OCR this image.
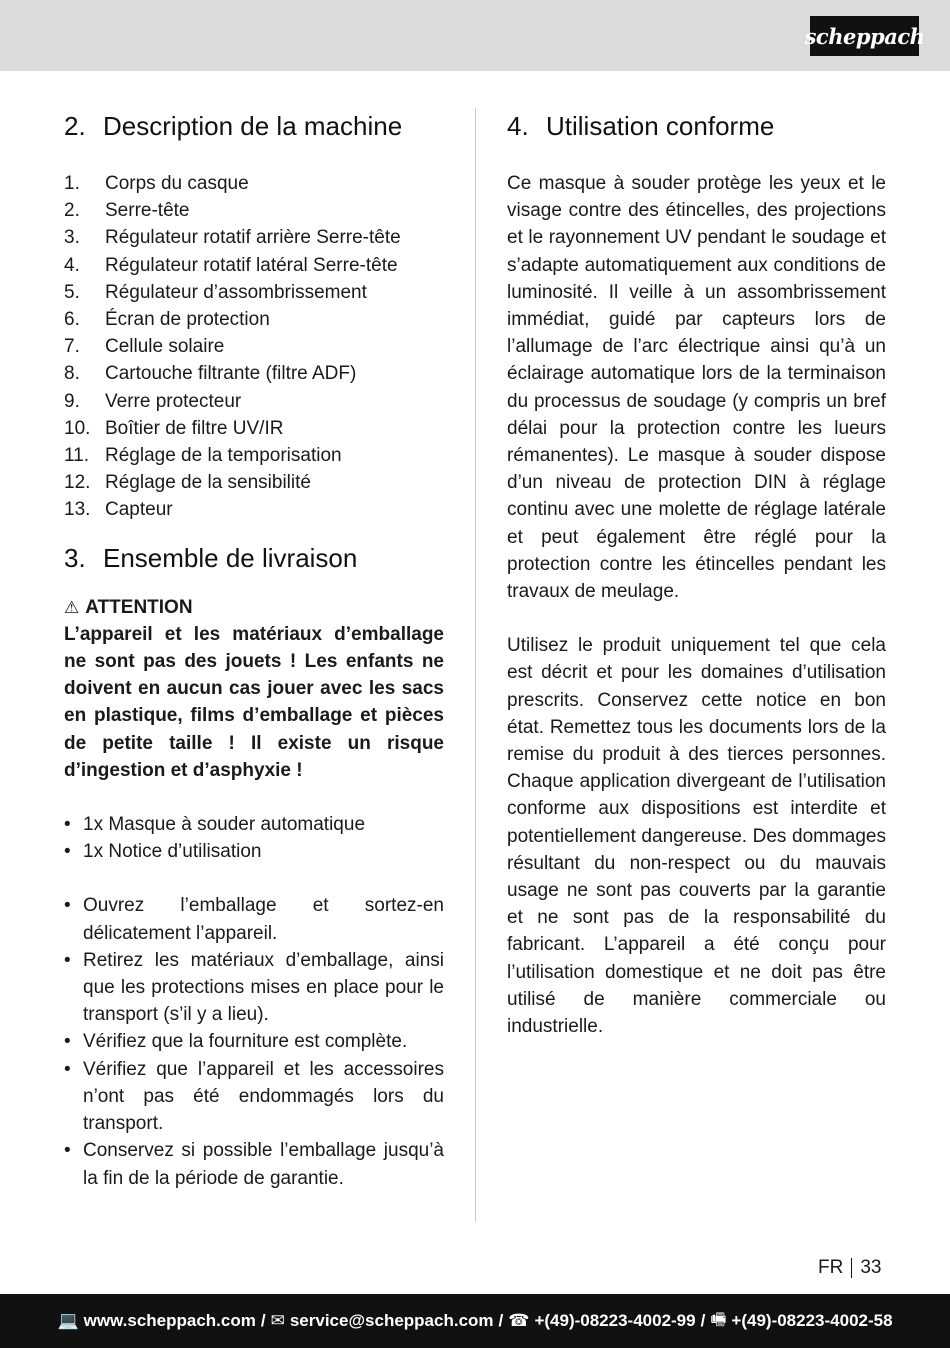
scheppach
2. Description de la machine
1.	Corps du casque
2.	Serre-tête
3.	Régulateur rotatif arrière Serre-tête
4.	Régulateur rotatif latéral Serre-tête
5.	Régulateur d’assombrissement
6.	Écran de protection
7.	Cellule solaire
8.	Cartouche filtrante (filtre ADF)
9.	Verre protecteur
10. Boîtier de filtre UV/IR
11. Réglage de la temporisation
12. Réglage de la sensibilité
13. Capteur
3. Ensemble de livraison
⚠ ATTENTION

L’appareil et les matériaux d’emballage ne sont pas des jouets ! Les enfants ne doivent en aucun cas jouer avec les sacs en plastique, films d’emballage et pièces de petite taille ! Il existe un risque d’ingestion et d’asphyxie !

• 1x Masque à souder automatique
• 1x Notice d’utilisation
• Ouvrez l’emballage et sortez-en délicatement l’appareil.
• Retirez les matériaux d’emballage, ainsi que les protections mises en place pour le transport (s’il y a lieu).
• Vérifiez que la fourniture est complète.
• Vérifiez que l’appareil et les accessoires n’ont pas été endommagés lors du transport.
• Conservez si possible l’emballage jusqu’à la fin de la période de garantie.
4. Utilisation conforme

Ce masque à souder protège les yeux et le visage contre des étincelles, des projections et le rayonnement UV pendant le soudage et s’adapte automatiquement aux conditions de luminosité. Il veille à un assombrissement immédiat, guidé par capteurs lors de l’allumage de l’arc électrique ainsi qu’à un éclairage automatique lors de la terminaison du processus de soudage (y compris un bref délai pour la protection contre les lueurs rémanentes). Le masque à souder dispose d’un niveau de protection DIN à réglage continu avec une molette de réglage latérale et peut également être réglé pour la protection contre les étincelles pendant les travaux de meulage.

Utilisez le produit uniquement tel que cela est décrit et pour les domaines d’utilisation prescrits. Conservez cette notice en bon état. Remettez tous les documents lors de la remise du produit à des tierces personnes. Chaque application divergeant de l’utilisation conforme aux dispositions est interdite et potentiellement dangereuse. Des dommages résultant du non-respect ou du mauvais usage ne sont pas couverts par la garantie et ne sont pas de la responsabilité du fabricant. L’appareil a été conçu pour l’utilisation domestique et ne doit pas être utilisé de manière commerciale ou industrielle.

FR 33
💻 www.scheppach.com / ✉ service@scheppach.com / ☎ +(49)-08223-4002-99 / 🖷 +(49)-08223-4002-58
